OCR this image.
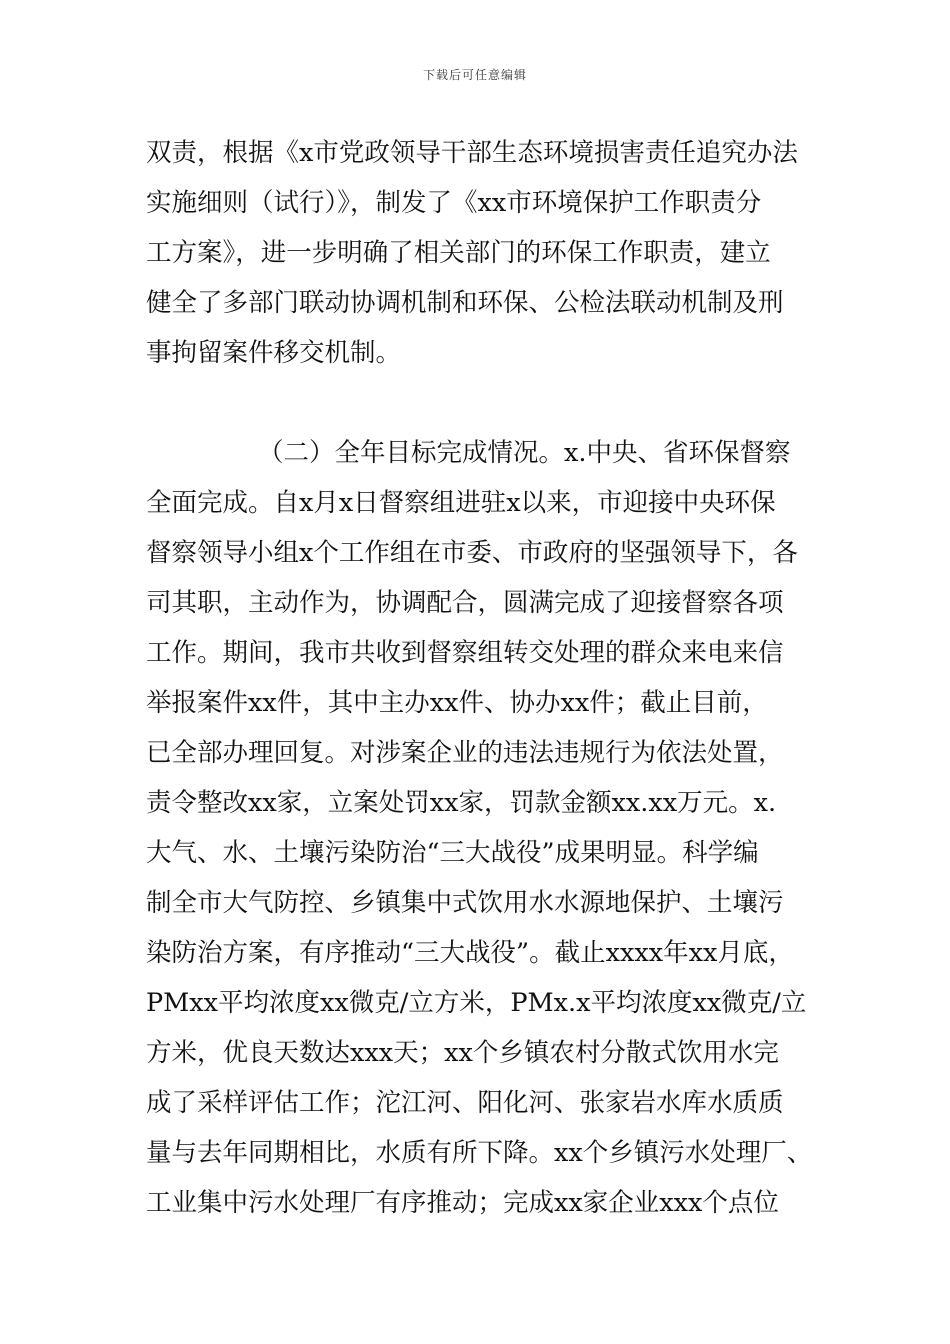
下载后可任意编辑
双责，根据《x市党政领导干部生态环境损害责任追究办法
实施细则（试行）》，制发了《xx市环境保护工作职责分
工方案》，进一步明确了相关部门的环保工作职责，建立
健全了多部门联动协调机制和环保、公检法联动机制及刑
事拘留案件移交机制。
（二）全年目标完成情况。x.中央、省环保督察
全面完成。自x月x日督察组进驻x以来，市迎接中央环保
督察领导小组x个工作组在市委、市政府的坚强领导下，各
司其职，主动作为，协调配合，圆满完成了迎接督察各项
工作。期间，我市共收到督察组转交处理的群众来电来信
举报案件xx件，其中主办xx件、协办xx件；截止目前，
已全部办理回复。对涉案企业的违法违规行为依法处置，
责令整改xx家，立案处罚xx家，罚款金额xx.xx万元。x.
大气、水、土壤污染防治“三大战役”成果明显。科学编
制全市大气防控、乡镇集中式饮用水水源地保护、土壤污
染防治方案，有序推动“三大战役”。截止xxxx年xx月底，
PMxx平均浓度xx微克/立方米，PMx.x平均浓度xx微克/立
方米，优良天数达xxx天；xx个乡镇农村分散式饮用水完
成了采样评估工作；沱江河、阳化河、张家岩水库水质质
量与去年同期相比，水质有所下降。xx个乡镇污水处理厂、
工业集中污水处理厂有序推动；完成xx家企业xxx个点位
